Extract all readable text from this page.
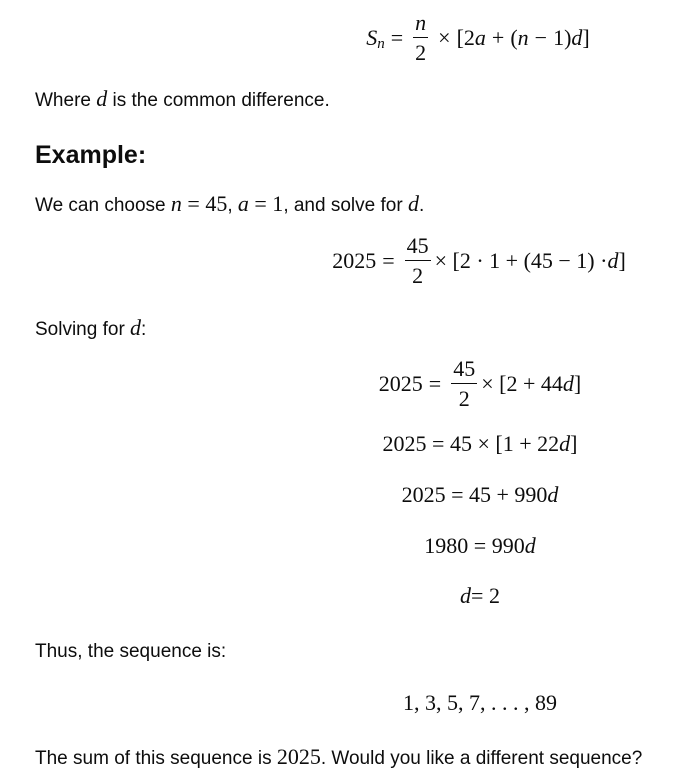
S $n = \frac{n}{2}$ × [ 2 a + ( n − 1 ) d ]
Where d is the common difference.
Example:
We can choose n = 45, a = 1, and solve for d.
$2025 = \frac{45}{2} \times [2 \cdot 1 + (45 - 1) \cdot d$ ]
Solving for d:
$2025 = \frac{45}{2} \times [2 + 44$ d ]
2025 = 45 × [1 + 22 d ]
2025 = 45 + 990 d
1980 = 990 d
d = 2
Thus, the sequence is:
1, 3, 5, 7, . . . , 89
The sum of this sequence is 2025. Would you like a different sequence?
